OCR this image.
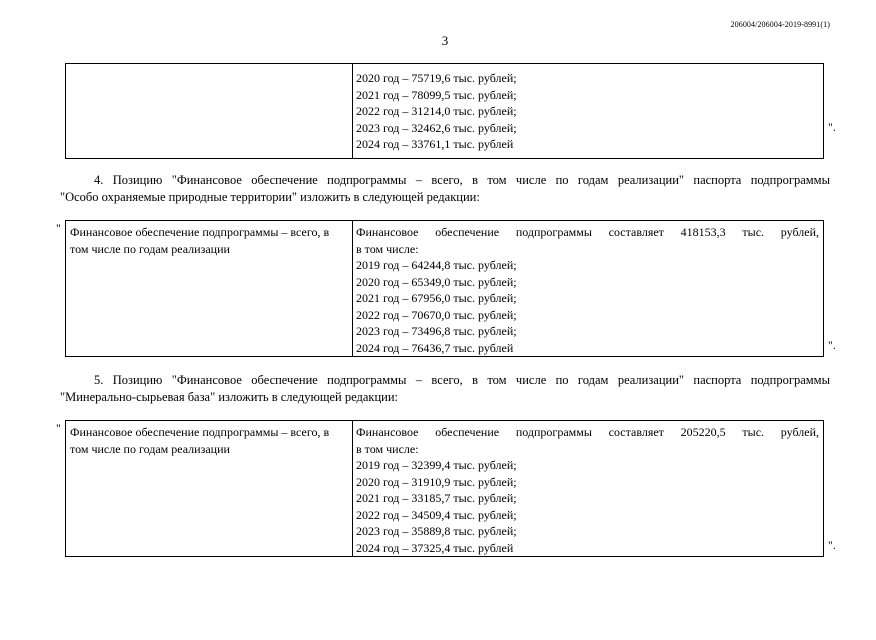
206004/206004-2019-8991(1)
3
2020 год – 75719,6 тыс. рублей;
2021 год – 78099,5 тыс. рублей;
2022 год – 31214,0 тыс. рублей;
2023 год – 32462,6 тыс. рублей;
2024 год – 33761,1 тыс. рублей
".
4. Позицию "Финансовое обеспечение подпрограммы – всего, в том числе по годам реализации" паспорта подпрограммы
"Особо охраняемые природные территории" изложить в следующей редакции:
" Финансовое обеспечение подпрограммы – всего, в том числе по годам реализации
Финансовое обеспечение подпрограммы составляет 418153,3 тыс. рублей,
в том числе:
2019 год – 64244,8 тыс. рублей;
2020 год – 65349,0 тыс. рублей;
2021 год – 67956,0 тыс. рублей;
2022 год – 70670,0 тыс. рублей;
2023 год – 73496,8 тыс. рублей;
2024 год – 76436,7 тыс. рублей	".
5. Позицию "Финансовое обеспечение подпрограммы – всего, в том числе по годам реализации" паспорта подпрограммы
"Минерально-сырьевая база" изложить в следующей редакции:
" Финансовое обеспечение подпрограммы – всего, в том числе по годам реализации
Финансовое обеспечение подпрограммы составляет 205220,5 тыс. рублей,
в том числе:
2019 год – 32399,4 тыс. рублей;
2020 год – 31910,9 тыс. рублей;
2021 год – 33185,7 тыс. рублей;
2022 год – 34509,4 тыс. рублей;
2023 год – 35889,8 тыс. рублей;
2024 год – 37325,4 тыс. рублей	".
